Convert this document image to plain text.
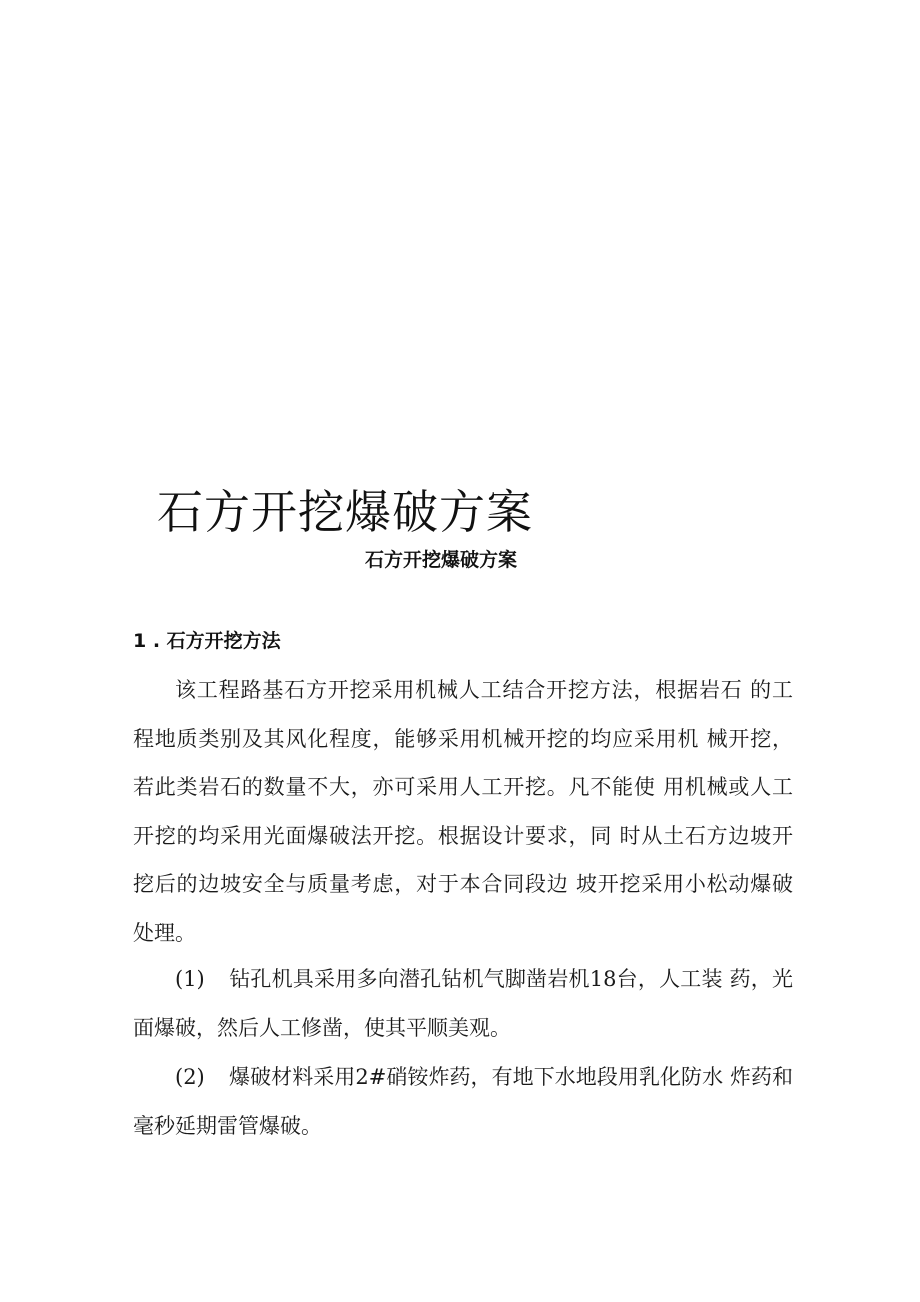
石方开挖爆破方案
石方开挖爆破方案
1 . 石方开挖方法
该工程路基石方开挖采用机械人工结合开挖方法，根据岩石 的工
程地质类别及其风化程度，能够采用机械开挖的均应采用机 械开挖，
若此类岩石的数量不大，亦可采用人工开挖。凡不能使 用机械或人工
开挖的均采用光面爆破法开挖。根据设计要求，同 时从土石方边坡开
挖后的边坡安全与质量考虑，对于本合同段边 坡开挖采用小松动爆破
处理。
(1) 钻孔机具采用多向潜孔钻机气脚凿岩机18台，人工装 药，光
面爆破，然后人工修凿，使其平顺美观。
(2) 爆破材料采用2#硝铵炸药，有地下水地段用乳化防水 炸药和
毫秒延期雷管爆破。
